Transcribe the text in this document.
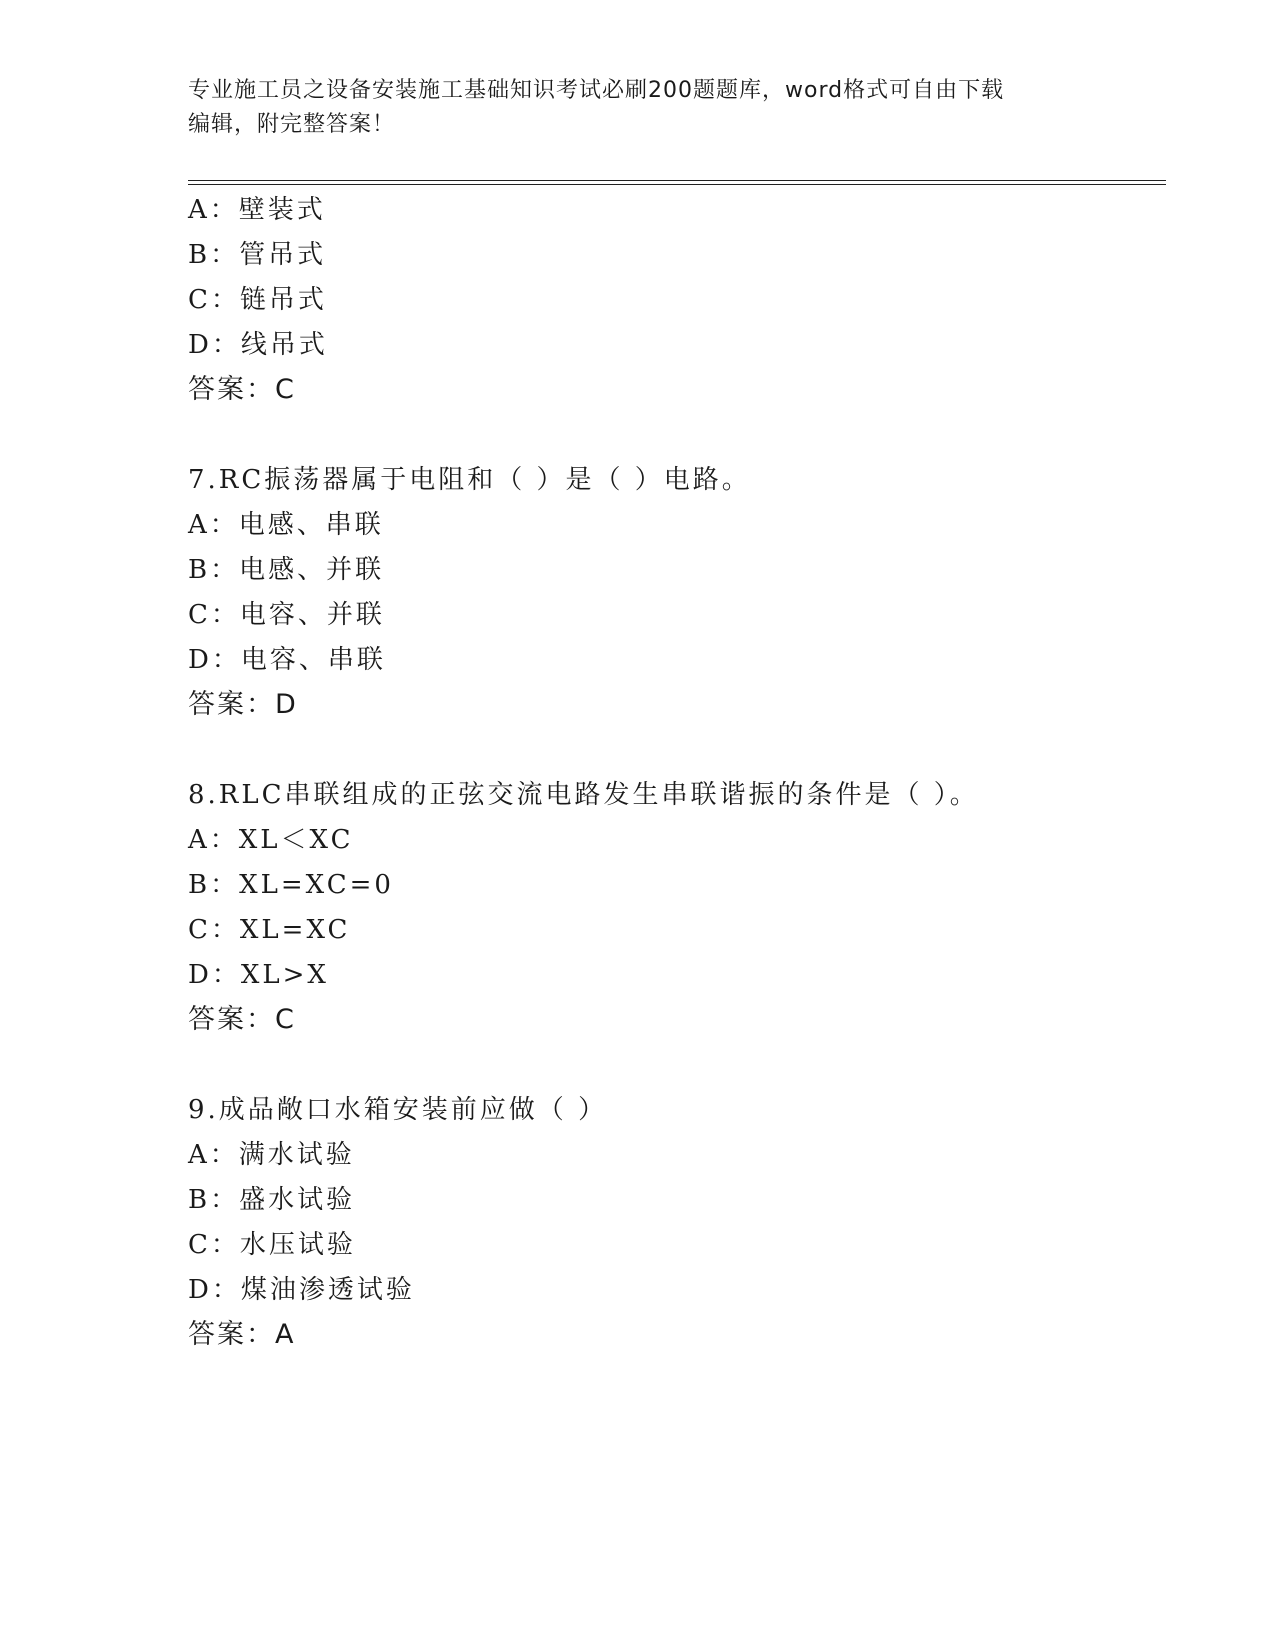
专业施工员之设备安装施工基础知识考试必刷200题题库，word格式可自由下载
编辑，附完整答案！
A：壁装式
B：管吊式
C：链吊式
D：线吊式
答案：C
7.RC振荡器属于电阻和（ ）是（ ）电路。
A：电感、串联
B：电感、并联
C：电容、并联
D：电容、串联
答案：D
8.RLC串联组成的正弦交流电路发生串联谐振的条件是（ ）。
A：XL＜XC
B：XL=XC=0
C：XL=XC
D：XL>X
答案：C
9.成品敞口水箱安装前应做（ ）
A：满水试验
B：盛水试验
C：水压试验
D：煤油渗透试验
答案：A
